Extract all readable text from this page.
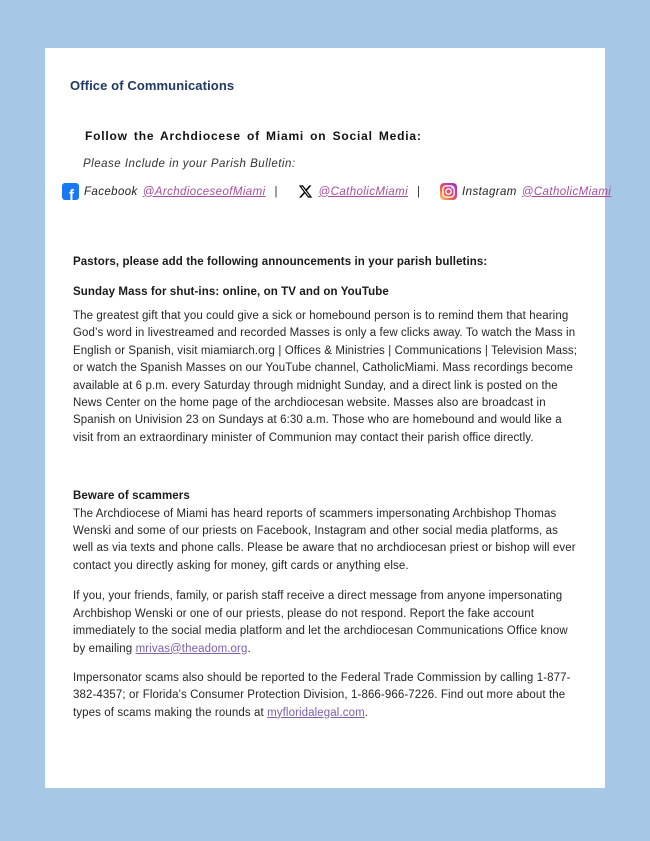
Office of Communications
Follow the Archdiocese of Miami on Social Media:
Please Include in your Parish Bulletin:
f Facebook @ArchdioceseofMiami |	@CatholicMiami |	Instagram @CatholicMiami
Pastors, please add the following announcements in your parish bulletins:
Sunday Mass for shut-ins: online, on TV and on YouTube

The greatest gift that you could give a sick or homebound person is to remind them that hearing God’s word in livestreamed and recorded Masses is only a few clicks away. To watch the Mass in English or Spanish, visit miamiarch.org | Offices & Ministries | Communications | Television Mass; or watch the Spanish Masses on our YouTube channel, CatholicMiami. Mass recordings become available at 6 p.m. every Saturday through midnight Sunday, and a direct link is posted on the News Center on the home page of the archdiocesan website. Masses also are broadcast in Spanish on Univision 23 on Sundays at 6:30 a.m. Those who are homebound and would like a visit from an extraordinary minister of Communion may contact their parish office directly.

Beware of scammers

The Archdiocese of Miami has heard reports of scammers impersonating Archbishop Thomas Wenski and some of our priests on Facebook, Instagram and other social media platforms, as well as via texts and phone calls. Please be aware that no archdiocesan priest or bishop will ever contact you directly asking for money, gift cards or anything else.

If you, your friends, family, or parish staff receive a direct message from anyone impersonating Archbishop Wenski or one of our priests, please do not respond. Report the fake account immediately to the social media platform and let the archdiocesan Communications Office know by emailing mrivas@theadom.org.

Impersonator scams also should be reported to the Federal Trade Commission by calling 1-877-382-4357; or Florida’s Consumer Protection Division, 1-866-966-7226. Find out more about the types of scams making the rounds at myfloridalegal.com.
